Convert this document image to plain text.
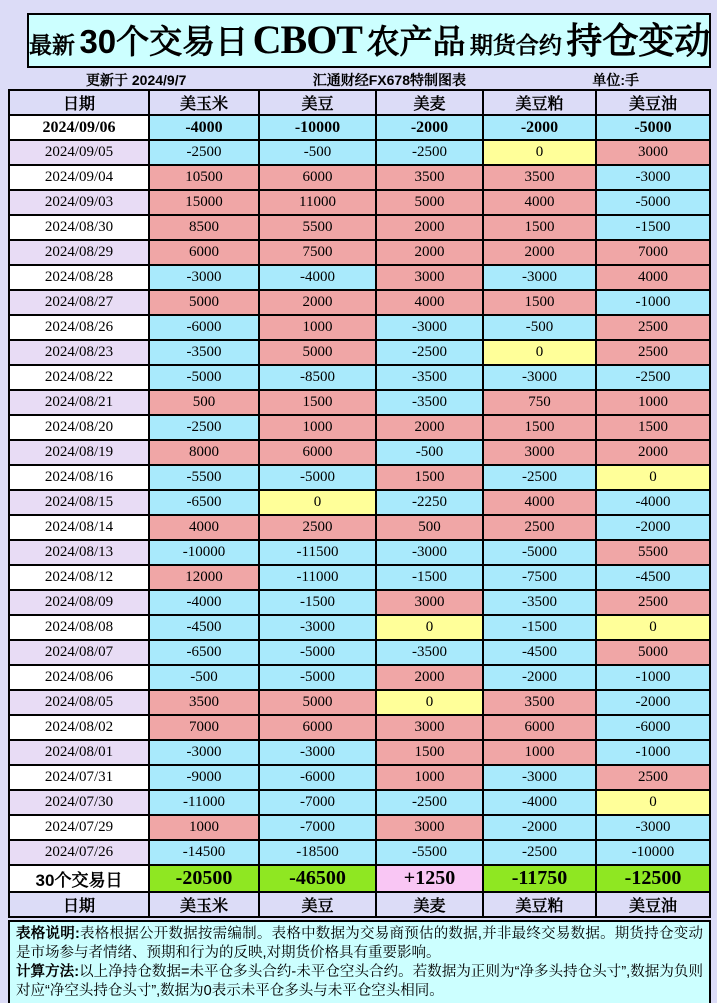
最新 30个交易日 CBOT 农产品 期货合约 持仓变动
更新于 2024/9/7	汇通财经FX678特制图表	单位:手
日期	美玉米	美豆	美麦	美豆粕	美豆油
2024/09/06	-4000	-10000	-2000	-2000	-5000
2024/09/05	-2500	-500	-2500	0	3000
2024/09/04	10500	6000	3500	3500	-3000
2024/09/03	15000	11000	5000	4000	-5000
2024/08/30	8500	5500	2000	1500	-1500
2024/08/29	6000	7500	2000	2000	7000
2024/08/28	-3000	-4000	3000	-3000	4000
2024/08/27	5000	2000	4000	1500	-1000
2024/08/26	-6000	1000	-3000	-500	2500
2024/08/23	-3500	5000	-2500	0	2500
2024/08/22	-5000	-8500	-3500	-3000	-2500
2024/08/21	500	1500	-3500	750	1000
2024/08/20	-2500	1000	2000	1500	1500
2024/08/19	8000	6000	-500	3000	2000
2024/08/16	-5500	-5000	1500	-2500	0
2024/08/15	-6500	0	-2250	4000	-4000
2024/08/14	4000	2500	500	2500	-2000
2024/08/13	-10000	-11500	-3000	-5000	5500
2024/08/12	12000	-11000	-1500	-7500	-4500
2024/08/09	-4000	-1500	3000	-3500	2500
2024/08/08	-4500	-3000	0	-1500	0
2024/08/07	-6500	-5000	-3500	-4500	5000
2024/08/06	-500	-5000	2000	-2000	-1000
2024/08/05	3500	5000	0	3500	-2000
2024/08/02	7000	6000	3000	6000	-6000
2024/08/01	-3000	-3000	1500	1000	-1000
2024/07/31	-9000	-6000	1000	-3000	2500
2024/07/30	-11000	-7000	-2500	-4000	0
2024/07/29	1000	-7000	3000	-2000	-3000
2024/07/26	-14500	-18500	-5500	-2500	-10000
30个交易日	-20500	-46500	+1250	-11750	-12500
日期	美玉米	美豆	美麦	美豆粕	美豆油

表格说明:表格根据公开数据按需编制。表格中数据为交易商预估的数据,并非最终交易数据。期货持仓变动是市场参与者情绪、预期和行为的反映,对期货价格具有重要影响。

计算方法:以上净持仓数据=未平仓多头合约-未平仓空头合约。若数据为正则为“净多头持仓头寸”,数据为负则对应“净空头持仓头寸”,数据为0表示未平仓多头与未平仓空头相同。
